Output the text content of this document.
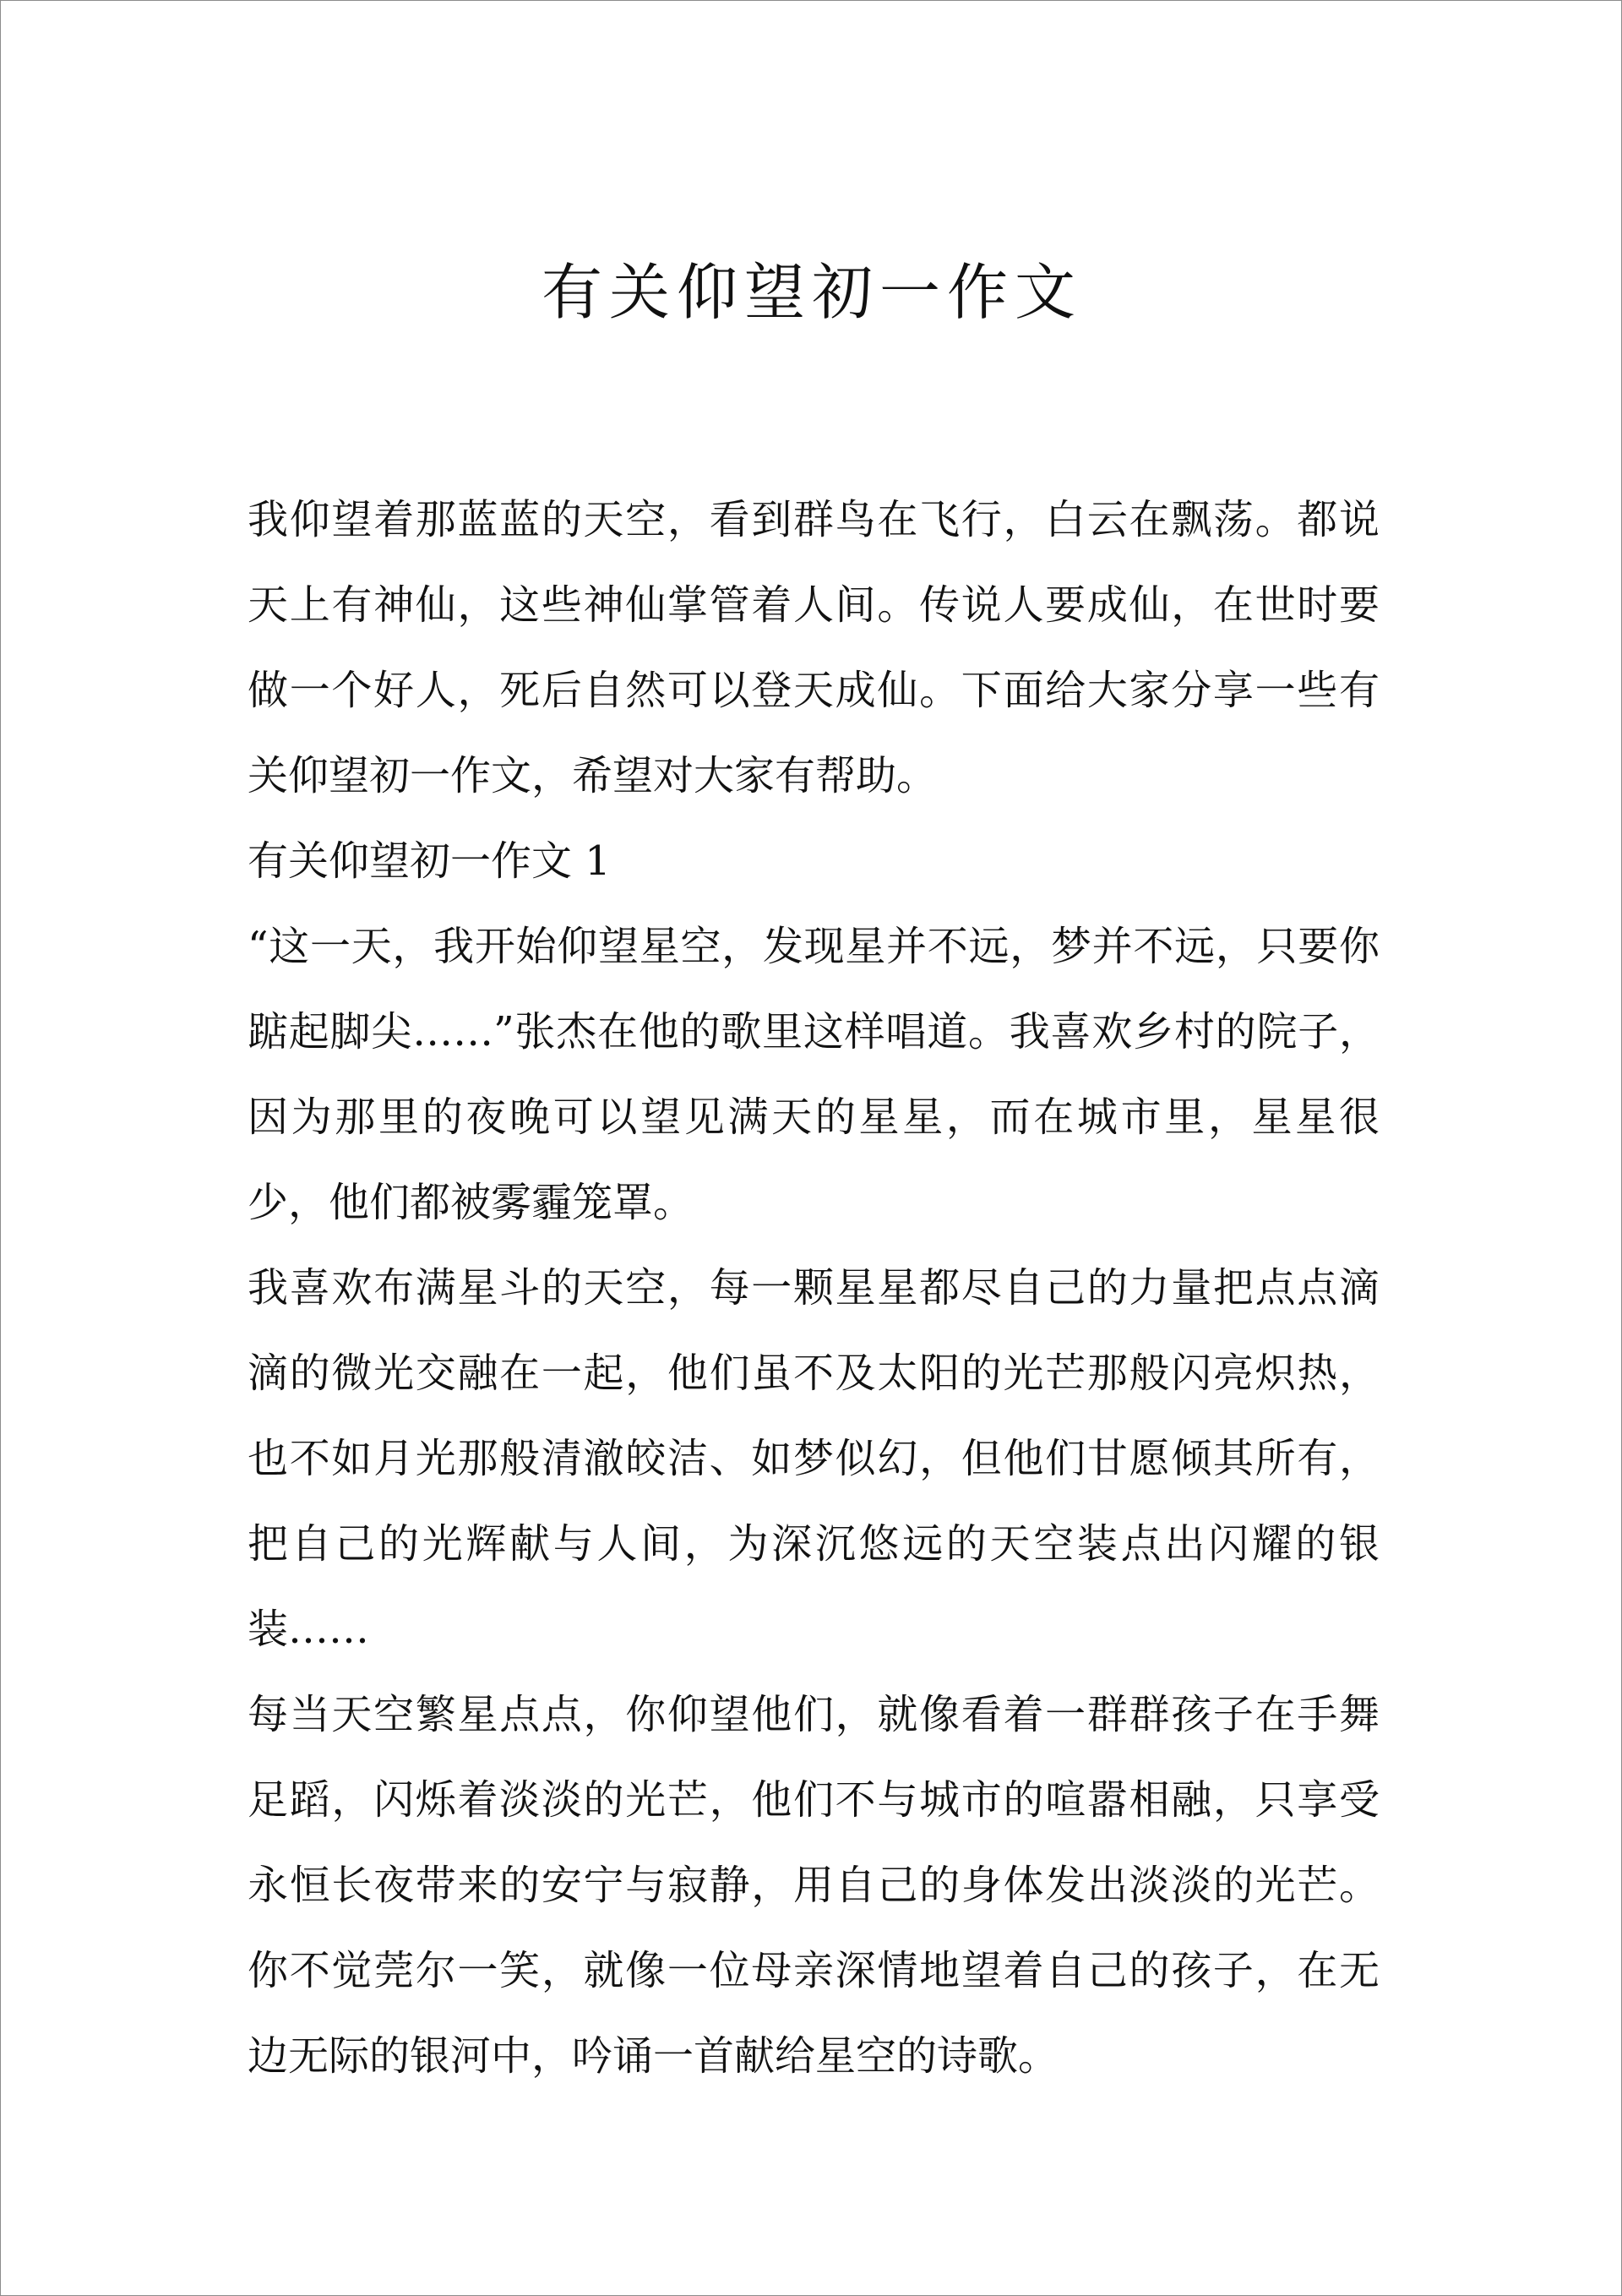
有关仰望初一作文

我仰望着那蓝蓝的天空，看到群鸟在飞行，白云在飘荡。都说天上有神仙，这些神仙掌管着人间。传说人要成仙，在世时要做一个好人，死后自然可以登天成仙。下面给大家分享一些有关仰望初一作文，希望对大家有帮助。

有关仰望初一作文 1

“这一天，我开始仰望星空，发现星并不远，梦并不远，只要你踮起脚尖……”张杰在他的歌里这样唱道。我喜欢乡村的院子，因为那里的夜晚可以望见满天的星星，而在城市里，星星很少，他们都被雾霾笼罩。

我喜欢布满星斗的天空，每一颗星星都尽自己的力量把点点滴滴的微光交融在一起，他们虽不及太阳的光芒那般闪亮炽热，也不如月光那般清澈皎洁、如梦似幻，但他们甘愿倾其所有，把自己的光辉献与人间，为深沉悠远的天空装点出闪耀的银装……

每当天空繁星点点，你仰望他们，就像看着一群群孩子在手舞足蹈，闪烁着淡淡的光芒，他们不与城市的喧嚣相融，只享受永恒长夜带来的安宁与寂静，用自己的身体发出淡淡的光芒。你不觉莞尔一笑，就像一位母亲深情地望着自己的孩子，在无边无际的银河中，吟诵一首献给星空的诗歌。
